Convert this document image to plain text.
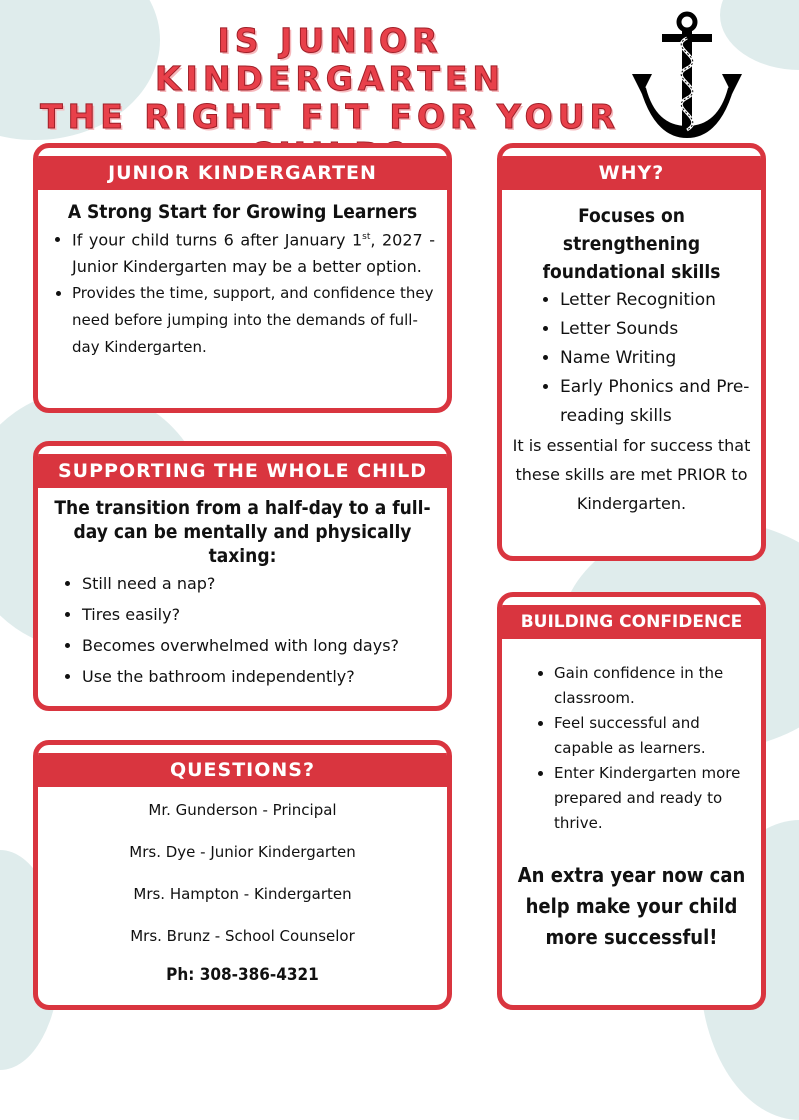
IS JUNIOR KINDERGARTEN
THE RIGHT FIT FOR YOUR
JUNIOR KINDERGARTEN
A Strong Start for Growing Learners
• If your child turns 6 after January 1st, 2027 - Junior Kindergarten may be a better option.
• Provides the time, support, and confidence they need before jumping into the demands of full-day Kindergarten.
WHY?
Focuses on strengthening foundational skills
• Letter Recognition
• Letter Sounds
• Name Writing
• Early Phonics and Pre-reading skills
It is essential for success that these skills are met PRIOR to Kindergarten.
SUPPORTING THE WHOLE CHILD
The transition from a half-day to a full-day can be mentally and physically taxing:
• Still need a nap?
• Tires easily?
• Becomes overwhelmed with long days?
• Use the bathroom independently?
BUILDING CONFIDENCE
• Gain confidence in the classroom.
• Feel successful and capable as learners.
• Enter Kindergarten more prepared and ready to thrive.
An extra year now can help make your child more successful!
QUESTIONS?
Mr. Gunderson - Principal
Mrs. Dye - Junior Kindergarten
Mrs. Hampton - Kindergarten
Mrs. Brunz - School Counselor
Ph: 308-386-4321
